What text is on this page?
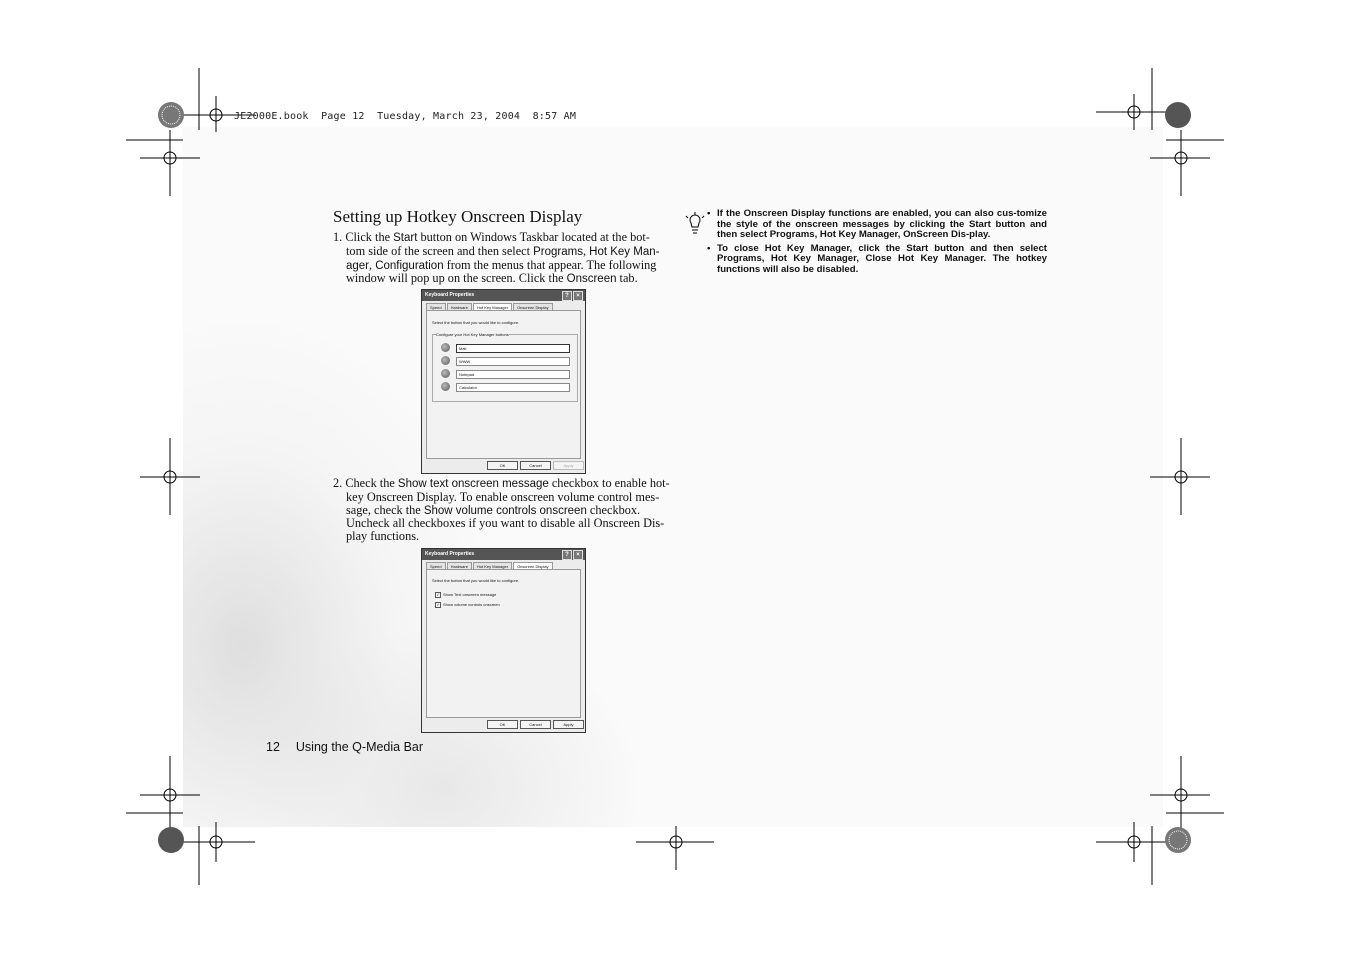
JE2000E.book  Page 12  Tuesday, March 23, 2004  8:57 AM
Setting up Hotkey Onscreen Display
1. Click the Start button on Windows Taskbar located at the bot-
tom side of the screen and then select Programs, Hot Key Man-
ager, Configuration from the menus that appear. The following
window will pop up on the screen. Click the Onscreen tab.
Keyboard Properties	? ×
Speed Hardware Hot Key Manager Onscreen Display
Select the button that you would like to configure.
Configure your Hot Key Manager buttons
Mail
WWW
Notepad
Calculator
OK	Cancel	Apply
2. Check the Show text onscreen message checkbox to enable hot-
key Onscreen Display. To enable onscreen volume control mes-
sage, check the Show volume controls onscreen checkbox.
Uncheck all checkboxes if you want to disable all Onscreen Dis-
play functions.
Keyboard Properties	? ×
Speed Hardware Hot Key Manager Onscreen Display
Select the button that you would like to configure.
✓ Show Text onscreen message
✓ Show volume controls onscreen
OK	Cancel	Apply
• If the Onscreen Display functions are enabled, you can also cus-tomize the style of the onscreen messages by clicking the Start button and then select Programs, Hot Key Manager, OnScreen Dis-play.
• To close Hot Key Manager, click the Start button and then select Programs, Hot Key Manager, Close Hot Key Manager. The hotkey functions will also be disabled.
12 Using the Q-Media Bar
